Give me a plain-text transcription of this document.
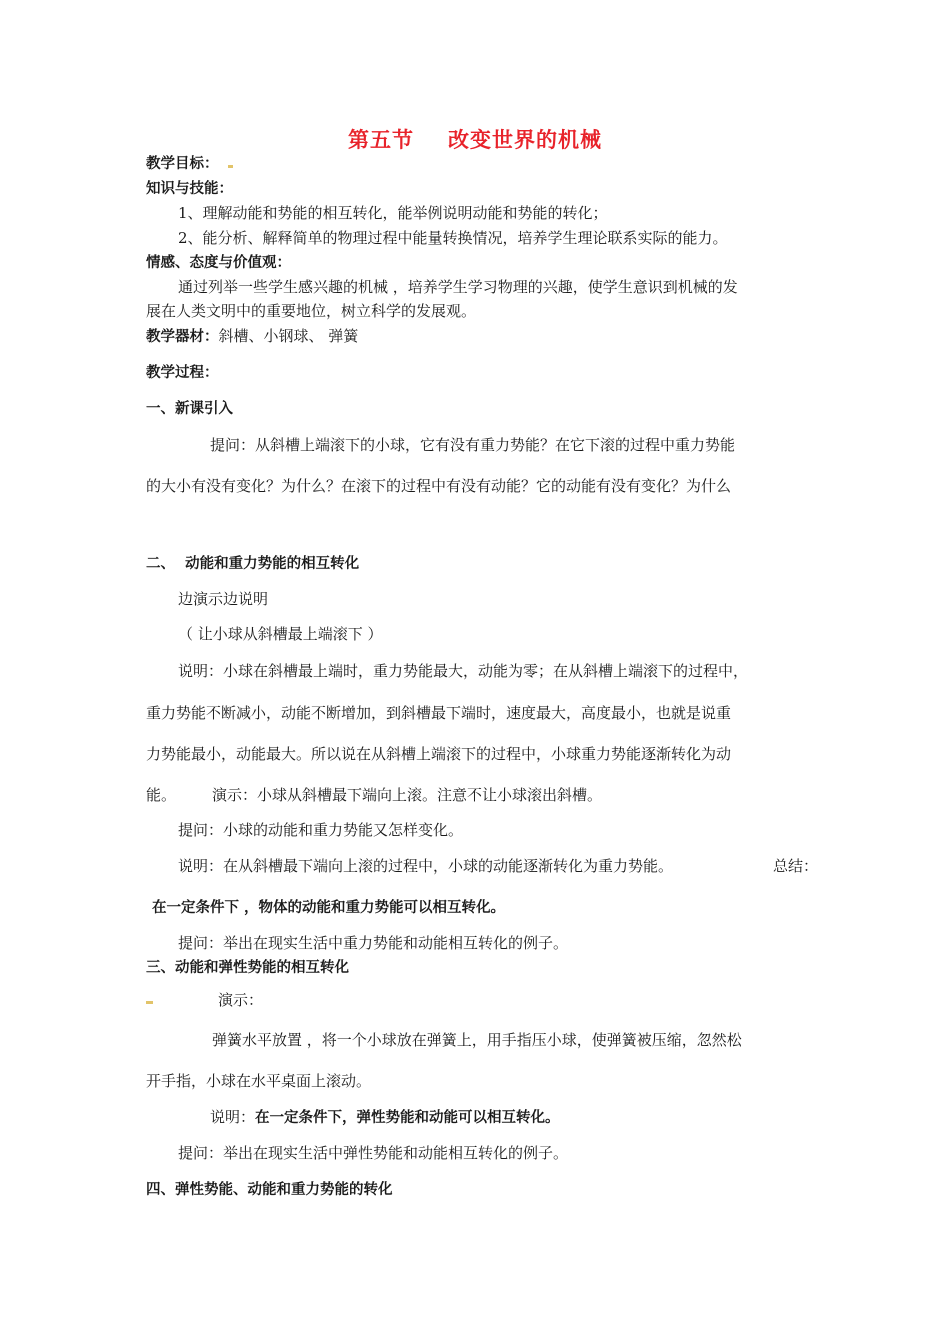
第五节 改变世界的机械

教学目标：

知识与技能：

1、理解动能和势能的相互转化，能举例说明动能和势能的转化；

2、能分析、解释简单的物理过程中能量转换情况，培养学生理论联系实际的能力。

情感、态度与价值观：

通过列举一些学生感兴趣的机械 ，培养学生学习物理的兴趣，使学生意识到机械的发

展在人类文明中的重要地位，树立科学的发展观。

教学器材：斜槽、小钢球、 弹簧

教学过程：

一、新课引入

提问：从斜槽上端滚下的小球，它有没有重力势能？在它下滚的过程中重力势能

的大小有没有变化？为什么？在滚下的过程中有没有动能？它的动能有没有变化？为什么

二、  动能和重力势能的相互转化

边演示边说明

（ 让小球从斜槽最上端滚下 ）

说明：小球在斜槽最上端时，重力势能最大，动能为零；在从斜槽上端滚下的过程中，

重力势能不断减小，动能不断增加，到斜槽最下端时，速度最大，高度最小，也就是说重

力势能最小，动能最大。所以说在从斜槽上端滚下的过程中，小球重力势能逐渐转化为动

能。 演示：小球从斜槽最下端向上滚。注意不让小球滚出斜槽。

提问：小球的动能和重力势能又怎样变化。

说明：在从斜槽最下端向上滚的过程中，小球的动能逐渐转化为重力势能。	总结：

在一定条件下 ，物体的动能和重力势能可以相互转化。

提问：举出在现实生活中重力势能和动能相互转化的例子。

三、动能和弹性势能的相互转化

演示：

弹簧水平放置 ，将一个小球放在弹簧上，用手指压小球，使弹簧被压缩，忽然松

开手指，小球在水平桌面上滚动。

说明：在一定条件下，弹性势能和动能可以相互转化。

提问：举出在现实生活中弹性势能和动能相互转化的例子。

四、弹性势能、动能和重力势能的转化
